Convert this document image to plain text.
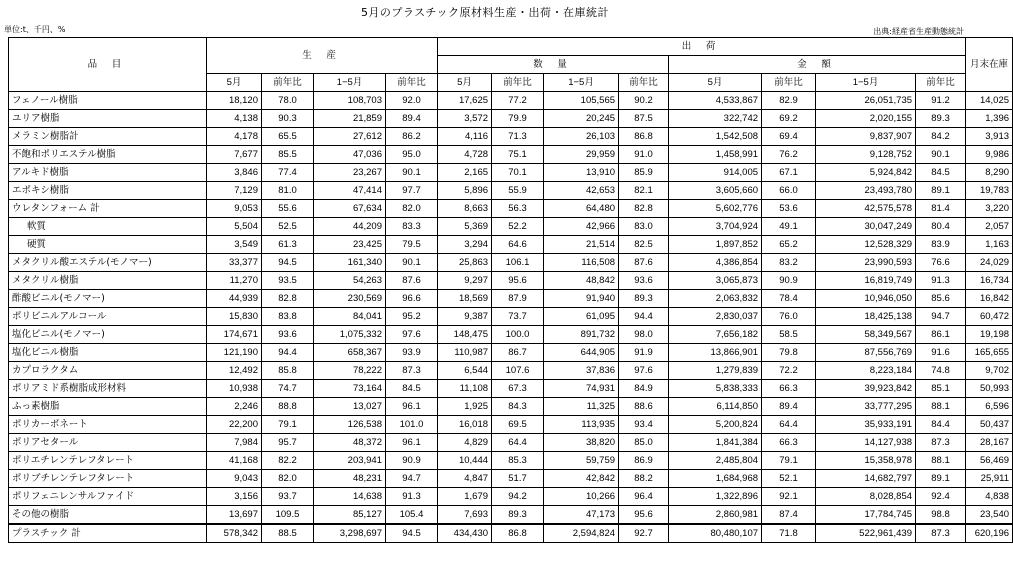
5月のプラスチック原材料生産・出荷・在庫統計
単位:t、千円、%	出典:経産省生産動態統計
品 目	生 産				出 荷								月末在庫
					数 量				金 額				
	5月	前年比	1−5月	前年比	5月	前年比	1−5月	前年比	5月	前年比	1−5月	前年比	
フェノール樹脂	18,120	78.0	108,703	92.0	17,625	77.2	105,565	90.2	4,533,867	82.9	26,051,735	91.2	14,025
ユリア樹脂	4,138	90.3	21,859	89.4	3,572	79.9	20,245	87.5	322,742	69.2	2,020,155	89.3	1,396
メラミン樹脂計	4,178	65.5	27,612	86.2	4,116	71.3	26,103	86.8	1,542,508	69.4	9,837,907	84.2	3,913
不飽和ポリエステル樹脂	7,677	85.5	47,036	95.0	4,728	75.1	29,959	91.0	1,458,991	76.2	9,128,752	90.1	9,986
アルキド樹脂	3,846	77.4	23,267	90.1	2,165	70.1	13,910	85.9	914,005	67.1	5,924,842	84.5	8,290
エポキシ樹脂	7,129	81.0	47,414	97.7	5,896	55.9	42,653	82.1	3,605,660	66.0	23,493,780	89.1	19,783
ウレタンフォーム 計	9,053	55.6	67,634	82.0	8,663	56.3	64,480	82.8	5,602,776	53.6	42,575,578	81.4	3,220
軟質	5,504	52.5	44,209	83.3	5,369	52.2	42,966	83.0	3,704,924	49.1	30,047,249	80.4	2,057
硬質	3,549	61.3	23,425	79.5	3,294	64.6	21,514	82.5	1,897,852	65.2	12,528,329	83.9	1,163
メタクリル酸エステル(モノマー)	33,377	94.5	161,340	90.1	25,863	106.1	116,508	87.6	4,386,854	83.2	23,990,593	76.6	24,029
メタクリル樹脂	11,270	93.5	54,263	87.6	9,297	95.6	48,842	93.6	3,065,873	90.9	16,819,749	91.3	16,734
酢酸ビニル(モノマー)	44,939	82.8	230,569	96.6	18,569	87.9	91,940	89.3	2,063,832	78.4	10,946,050	85.6	16,842
ポリビニルアルコール	15,830	83.8	84,041	95.2	9,387	73.7	61,095	94.4	2,830,037	76.0	18,425,138	94.7	60,472
塩化ビニル(モノマー)	174,671	93.6	1,075,332	97.6	148,475	100.0	891,732	98.0	7,656,182	58.5	58,349,567	86.1	19,198
塩化ビニル樹脂	121,190	94.4	658,367	93.9	110,987	86.7	644,905	91.9	13,866,901	79.8	87,556,769	91.6	165,655
カプロラクタム	12,492	85.8	78,222	87.3	6,544	107.6	37,836	97.6	1,279,839	72.2	8,223,184	74.8	9,702
ポリアミド系樹脂成形材料	10,938	74.7	73,164	84.5	11,108	67.3	74,931	84.9	5,838,333	66.3	39,923,842	85.1	50,993
ふっ素樹脂	2,246	88.8	13,027	96.1	1,925	84.3	11,325	88.6	6,114,850	89.4	33,777,295	88.1	6,596
ポリカーボネート	22,200	79.1	126,538	101.0	16,018	69.5	113,935	93.4	5,200,824	64.4	35,933,191	84.4	50,437
ポリアセタール	7,984	95.7	48,372	96.1	4,829	64.4	38,820	85.0	1,841,384	66.3	14,127,938	87.3	28,167
ポリエチレンテレフタレート	41,168	82.2	203,941	90.9	10,444	85.3	59,759	86.9	2,485,804	79.1	15,358,978	88.1	56,469
ポリブチレンテレフタレート	9,043	82.0	48,231	94.7	4,847	51.7	42,842	88.2	1,684,968	52.1	14,682,797	89.1	25,911
ポリフェニレンサルファイド	3,156	93.7	14,638	91.3	1,679	94.2	10,266	96.4	1,322,896	92.1	8,028,854	92.4	4,838
その他の樹脂	13,697	109.5	85,127	105.4	7,693	89.3	47,173	95.6	2,860,981	87.4	17,784,745	98.8	23,540
プラスチック 計	578,342	88.5	3,298,697	94.5	434,430	86.8	2,594,824	92.7	80,480,107	71.8	522,961,439	87.3	620,196
